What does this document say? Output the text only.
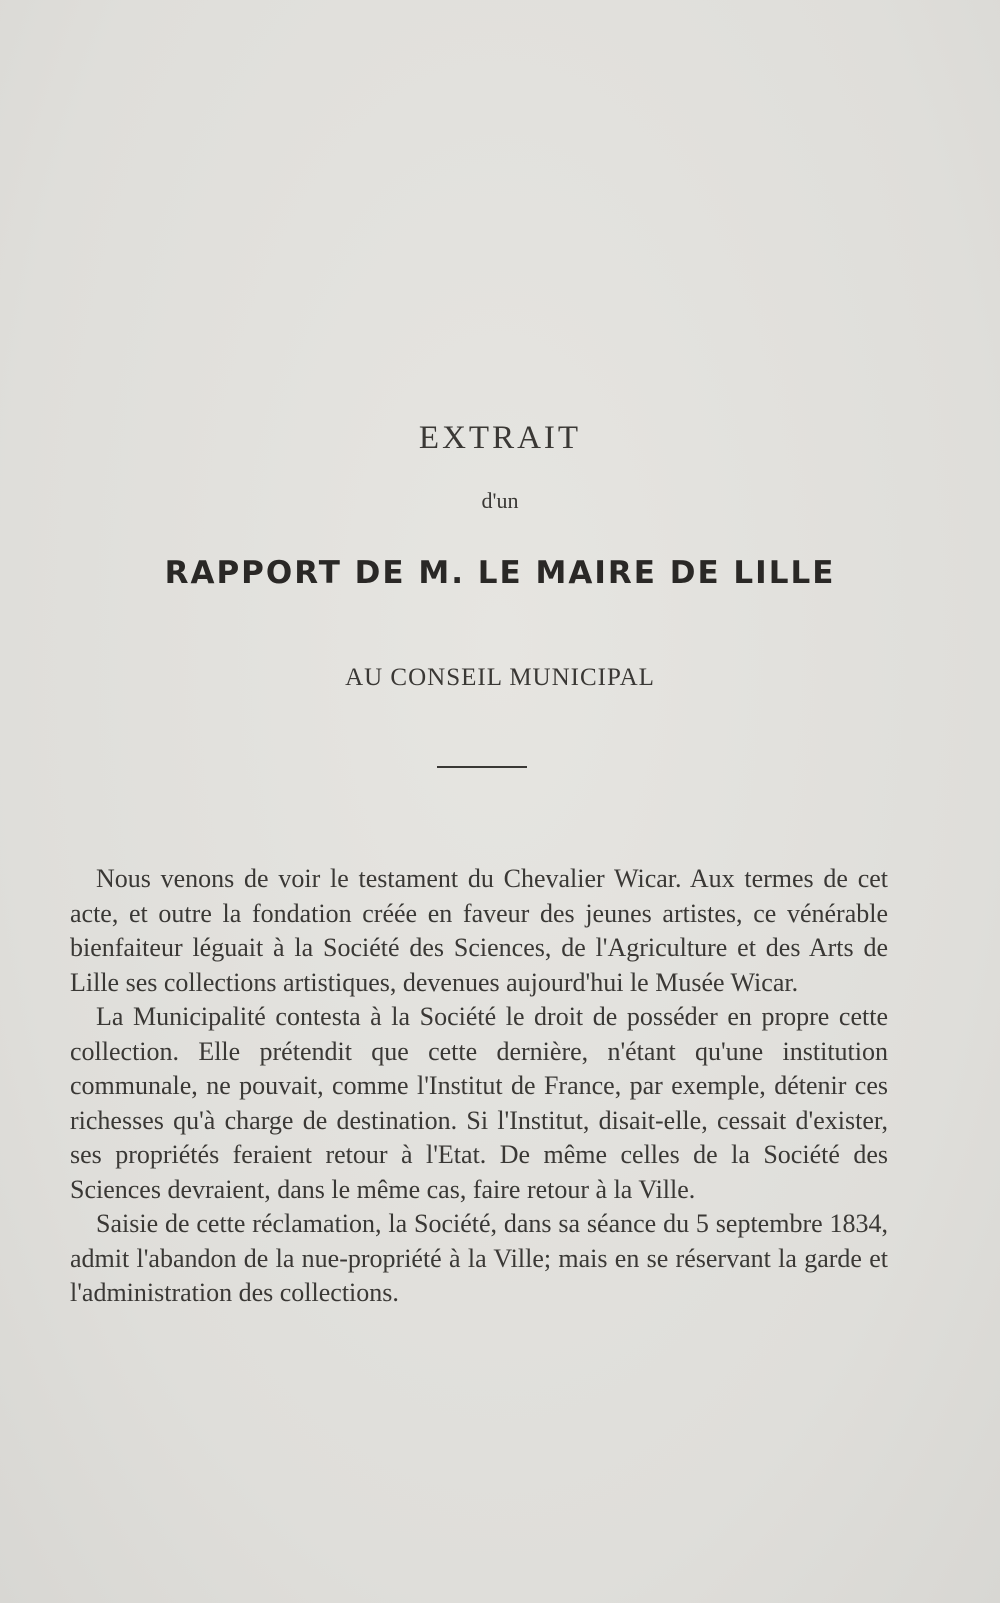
EXTRAIT
d'un
RAPPORT DE M. LE MAIRE DE LILLE
AU CONSEIL MUNICIPAL

Nous venons de voir le testament du Chevalier Wicar. Aux termes de cet acte, et outre la fondation créée en faveur des jeunes artistes, ce vénérable bienfaiteur léguait à la Société des Sciences, de l'Agriculture et des Arts de Lille ses collections artistiques, devenues aujourd'hui le Musée Wicar.

La Municipalité contesta à la Société le droit de posséder en propre cette collection. Elle prétendit que cette dernière, n'étant qu'une institution communale, ne pouvait, comme l'Institut de France, par exemple, détenir ces richesses qu'à charge de destination. Si l'Institut, disait-elle, cessait d'exister, ses propriétés feraient retour à l'Etat. De même celles de la Société des Sciences devraient, dans le même cas, faire retour à la Ville.

Saisie de cette réclamation, la Société, dans sa séance du 5 septembre 1834, admit l'abandon de la nue-propriété à la Ville; mais en se réservant la garde et l'administration des collections.
